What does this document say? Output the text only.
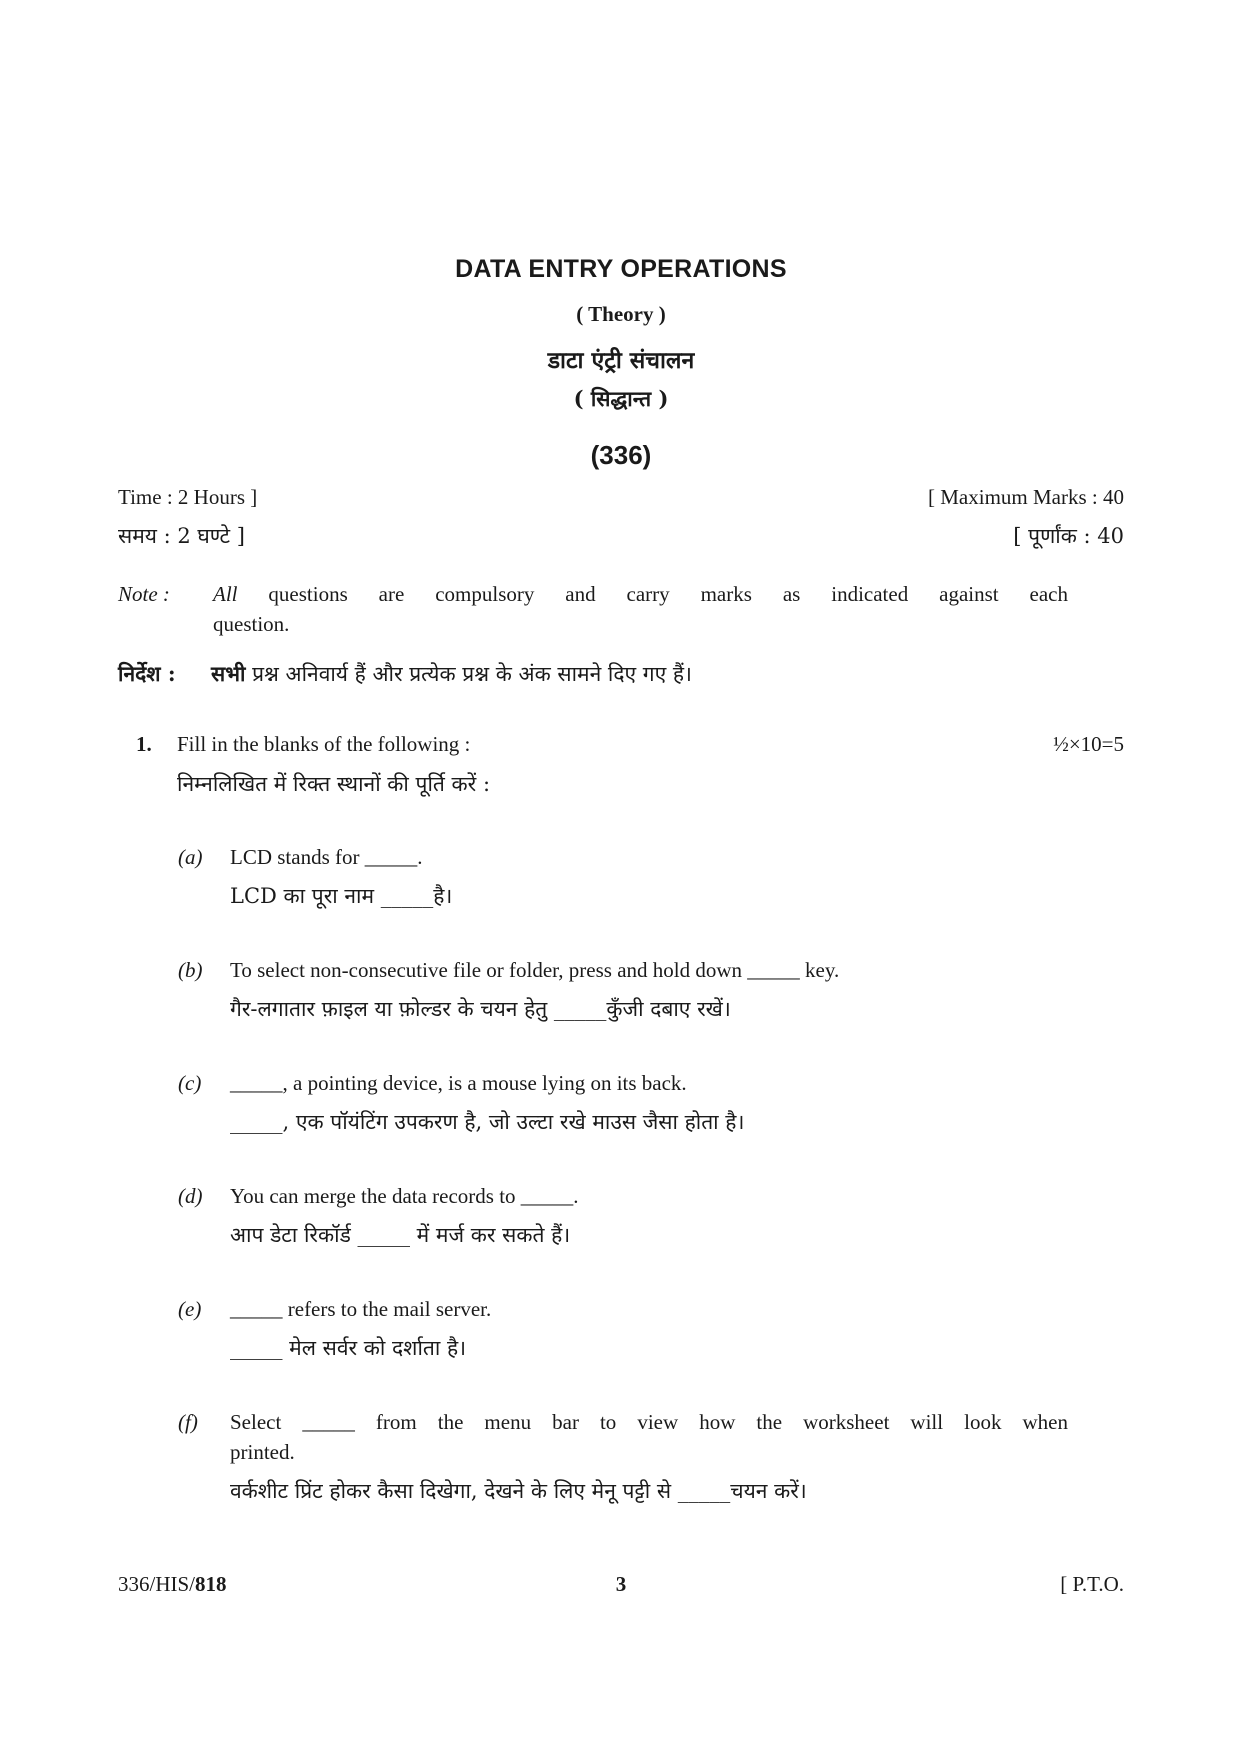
DATA ENTRY OPERATIONS
( Theory )
डाटा एंट्री संचालन
( सिद्धान्त )
(336)
Time : 2 Hours ]	[ Maximum Marks : 40
समय : 2 घण्टे ]	[ पूर्णांक : 40
Note : All questions are compulsory and carry marks as indicated against each
question.
निर्देश : सभी प्रश्न अनिवार्य हैं और प्रत्येक प्रश्न के अंक सामने दिए गए हैं।
1. Fill in the blanks of the following :	½×10=5
निम्नलिखित में रिक्त स्थानों की पूर्ति करें :
(a) LCD stands for _____.
LCD का पूरा नाम _____है।
(b) To select non-consecutive file or folder, press and hold down _____ key.
गैर-लगातार फ़ाइल या फ़ोल्डर के चयन हेतु _____कुँजी दबाए रखें।
(c) _____, a pointing device, is a mouse lying on its back.
_____, एक पॉयंटिंग उपकरण है, जो उल्टा रखे माउस जैसा होता है।
(d) You can merge the data records to _____.
आप डेटा रिकॉर्ड _____ में मर्ज कर सकते हैं।
(e) _____ refers to the mail server.
_____ मेल सर्वर को दर्शाता है।
(f) Select _____ from the menu bar to view how the worksheet will look when
printed.
वर्कशीट प्रिंट होकर कैसा दिखेगा, देखने के लिए मेनू पट्टी से _____चयन करें।
336/HIS/818	3	[ P.T.O.
